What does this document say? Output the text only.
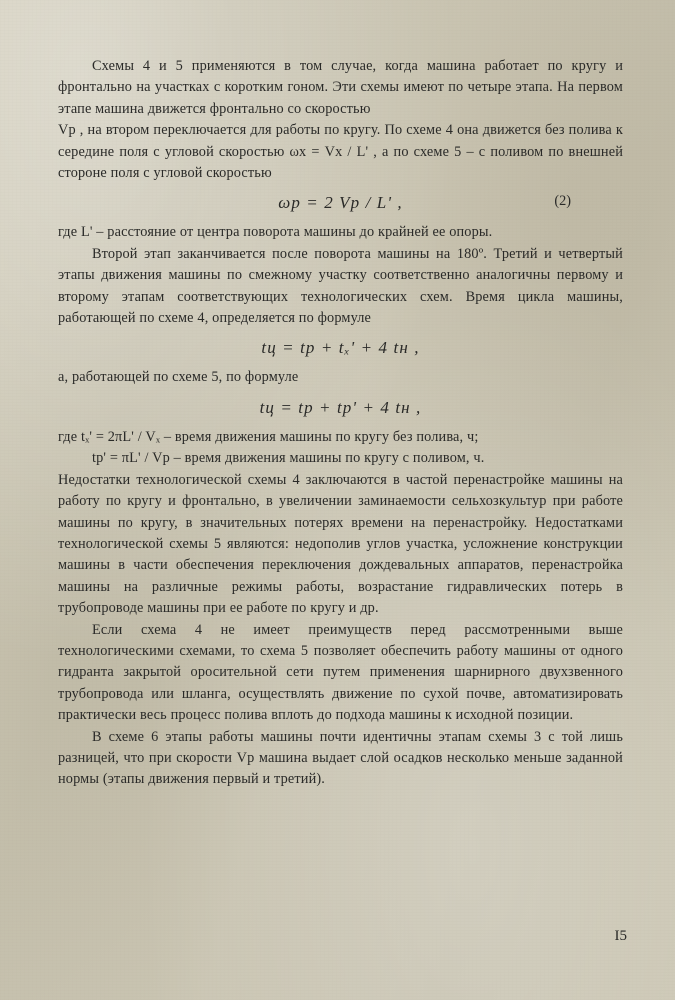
Схемы 4 и 5 применяются в том случае, когда машина работает по кругу и фронтально на участках с коротким гоном. Эти схемы имеют по четыре этапа. На первом этапе машина движется фронтально со скоростью

Vр , на втором переключается для работы по кругу. По схеме 4 она движется без полива к середине поля с угловой скоростью ωх = Vх / L' , а по схеме 5 – с поливом по внешней стороне поля с угловой скоростью

ωр = 2 Vр / L' ,	(2)

где L' – расстояние от центра поворота машины до крайней ее опоры.

Второй этап заканчивается после поворота машины на 180º. Третий и четвертый этапы движения машины по смежному участку соответственно аналогичны первому и второму этапам соответствующих технологических схем. Время цикла машины, работающей по схеме 4, определяется по формуле

tц = tр + tₓ' + 4 tн ,

а, работающей по схеме 5, по формуле

tц = tр + tр' + 4 tн ,

где tₓ' = 2πL' / Vₓ – время движения машины по кругу без полива, ч;

tр' = πL' / Vр – время движения машины по кругу с поливом, ч.

Недостатки технологической схемы 4 заключаются в частой перенастройке машины на работу по кругу и фронтально, в увеличении заминаемости сельхозкультур при работе машины по кругу, в значительных потерях времени на перенастройку. Недостатками технологической схемы 5 являются: недополив углов участка, усложнение конструкции машины в части обеспечения переключения дождевальных аппаратов, перенастройка машины на различные режимы работы, возрастание гидравлических потерь в трубопроводе машины при ее работе по кругу и др.

Если схема 4 не имеет преимуществ перед рассмотренными выше технологическими схемами, то схема 5 позволяет обеспечить работу машины от одного гидранта закрытой оросительной сети путем применения шарнирного двухзвенного трубопровода или шланга, осуществлять движение по сухой почве, автоматизировать практически весь процесс полива вплоть до подхода машины к исходной позиции.

В схеме 6 этапы работы машины почти идентичны этапам схемы 3 с той лишь разницей, что при скорости Vр машина выдает слой осадков несколько меньше заданной нормы (этапы движения первый и третий).

I5
